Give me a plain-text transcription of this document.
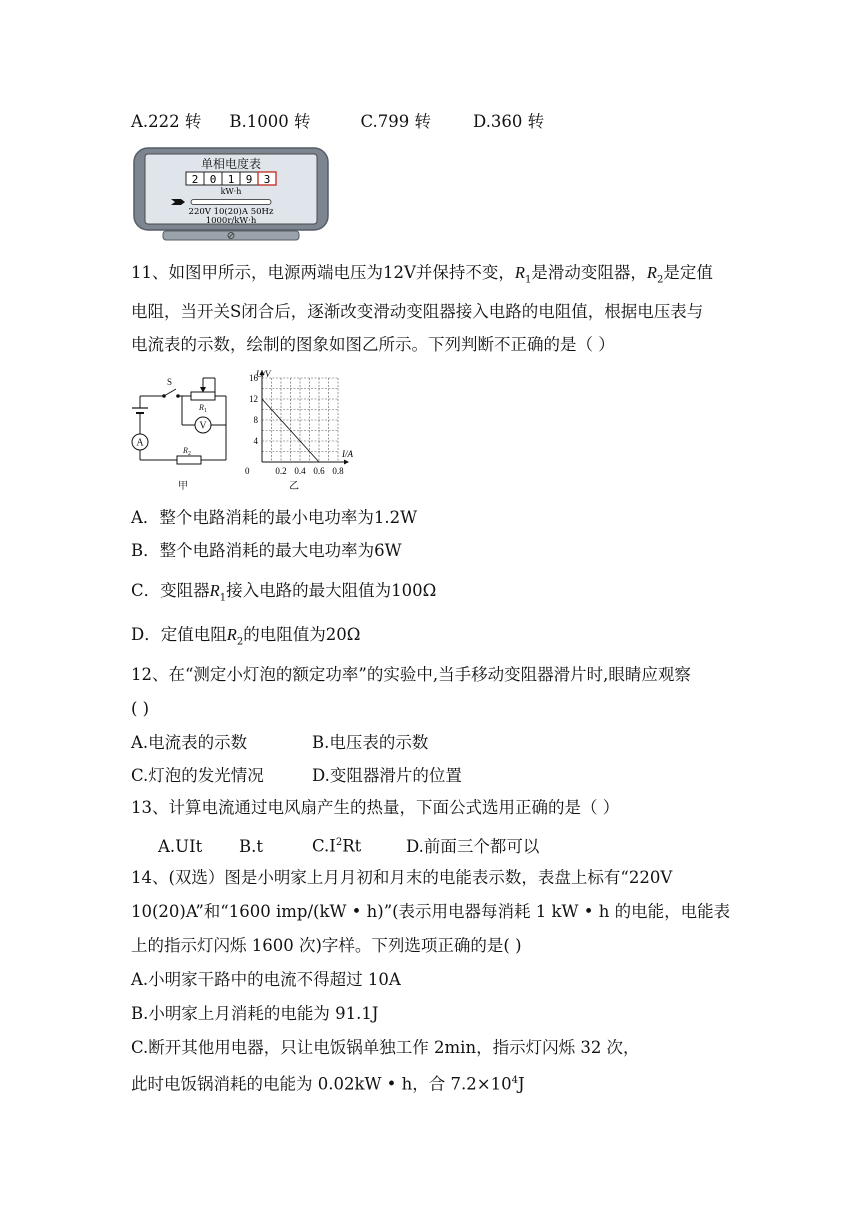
A.222 转 B.1000 转	C.799 转	D.360 转
单相电度表
2 0 1 9 3
kW·h
220V 10(20)A 50Hz
1000r/kW·h
11、如图甲所示，电源两端电压为12V并保持不变，$R_1$是滑动变阻器，$R_2$是定值
电阻，当开关S闭合后，逐渐改变滑动变阻器接入电路的电阻值，根据电压表与
电流表的示数，绘制的图象如图乙所示。下列判断不正确的是（ ）
S
$R_1$
V
A
$R_2$
甲
U/V
I/A
0
4
8
12
16
0.2 0.4 0.6 0.8
乙
A．整个电路消耗的最小电功率为1.2W
B．整个电路消耗的最大电功率为6W
C．变阻器$R_1$接入电路的最大阻值为100Ω
D．定值电阻$R_2$的电阻值为20Ω
12、在“测定小灯泡的额定功率”的实验中,当手移动变阻器滑片时,眼睛应观察
( )
A.电流表的示数	B.电压表的示数
C.灯泡的发光情况	D.变阻器滑片的位置
13、计算电流通过电风扇产生的热量，下面公式选用正确的是（ ）
A.UIt B.t	$C.I^2Rt$	D.前面三个都可以
14、(双选）图是小明家上月月初和月末的电能表示数，表盘上标有“220V
10(20)A”和“1600 imp/(kW • h)”(表示用电器每消耗 1 kW • h 的电能，电能表
上的指示灯闪烁 1600 次)字样。下列选项正确的是( )
A.小明家干路中的电流不得超过 10A
B.小明家上月消耗的电能为 91.1J
C.断开其他用电器，只让电饭锅单独工作 2min，指示灯闪烁 32 次，
此时电饭锅消耗的电能为 0.02kW • h，合 $7.2\times 10^4J$
